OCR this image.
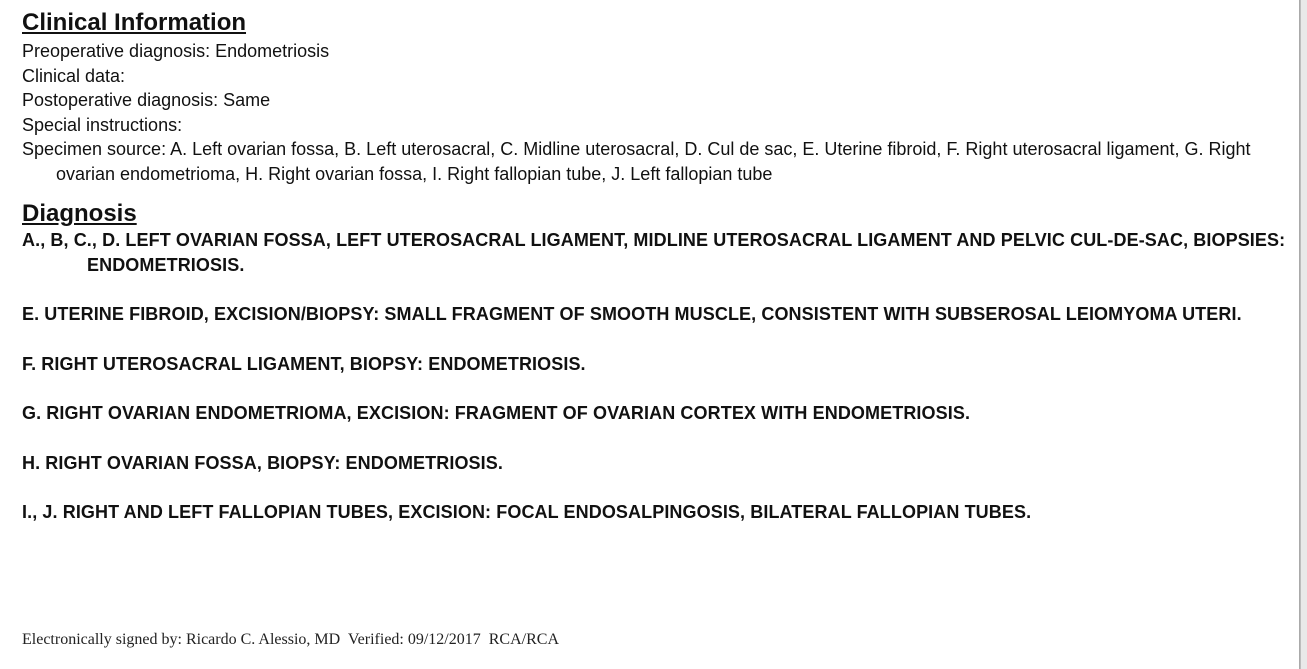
Clinical Information
Preoperative diagnosis: Endometriosis
Clinical data:
Postoperative diagnosis: Same
Special instructions:
Specimen source: A. Left ovarian fossa, B. Left uterosacral, C. Midline uterosacral, D. Cul de sac, E. Uterine fibroid, F. Right uterosacral ligament, G. Right ovarian endometrioma, H. Right ovarian fossa, I. Right fallopian tube, J. Left fallopian tube
Diagnosis
A., B, C., D. LEFT OVARIAN FOSSA, LEFT UTEROSACRAL LIGAMENT, MIDLINE UTEROSACRAL LIGAMENT AND PELVIC CUL-DE-SAC, BIOPSIES: ENDOMETRIOSIS.
E. UTERINE FIBROID, EXCISION/BIOPSY: SMALL FRAGMENT OF SMOOTH MUSCLE, CONSISTENT WITH SUBSEROSAL LEIOMYOMA UTERI.
F. RIGHT UTEROSACRAL LIGAMENT, BIOPSY: ENDOMETRIOSIS.
G. RIGHT OVARIAN ENDOMETRIOMA, EXCISION: FRAGMENT OF OVARIAN CORTEX WITH ENDOMETRIOSIS.
H. RIGHT OVARIAN FOSSA, BIOPSY: ENDOMETRIOSIS.
I., J. RIGHT AND LEFT FALLOPIAN TUBES, EXCISION: FOCAL ENDOSALPINGOSIS, BILATERAL FALLOPIAN TUBES.
Electronically signed by: Ricardo C. Alessio, MD  Verified: 09/12/2017  RCA/RCA
